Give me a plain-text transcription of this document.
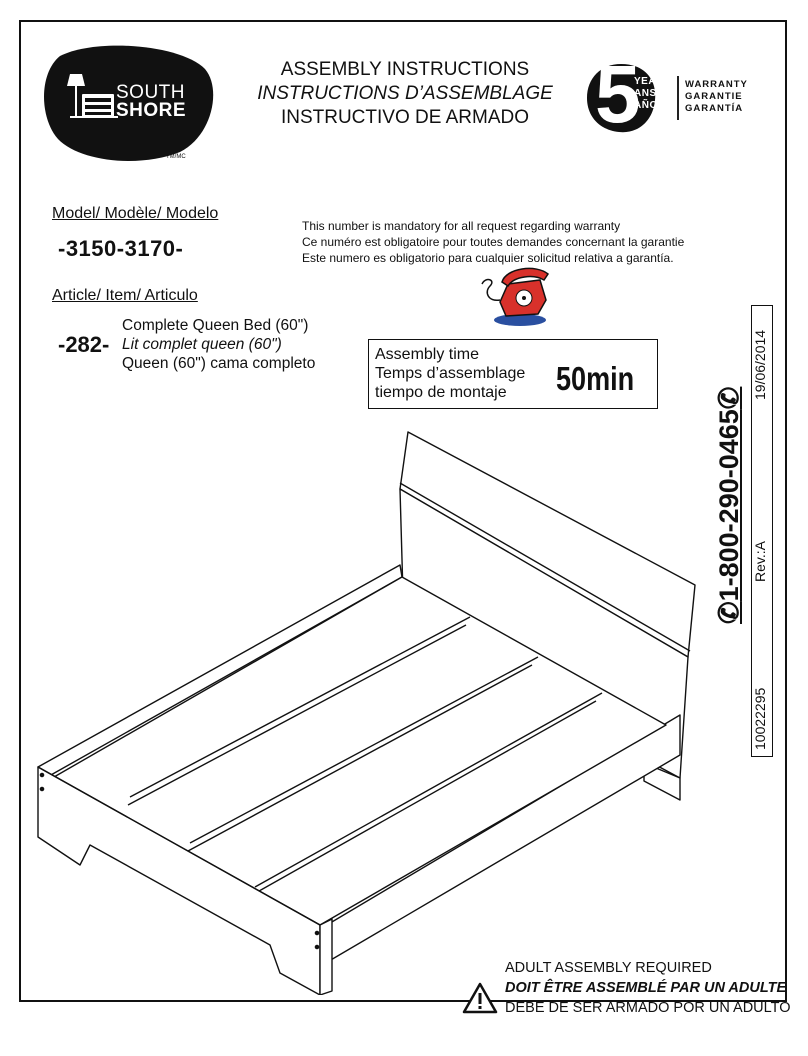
SOUTH
SHORE
TM/MC
ASSEMBLY INSTRUCTIONS
INSTRUCTIONS D’ASSEMBLAGE
INSTRUCTIVO DE ARMADO 5
YEARS
ANS
AÑOS
WARRANTY
GARANTIE
GARANTÍA
Model/ Modèle/ Modelo
-3150-3170-
This number is mandatory for all request regarding warranty
Ce numéro est obligatoire pour toutes demandes concernant la garantie
Este numero es obligatorio para cualquier solicitud relativa a garantía.
Article/ Item/ Articulo
-282-
Complete Queen Bed (60")
Lit complet queen (60")
Queen (60") cama completo
Assembly time
Temps d’assemblage
tiempo de montaje	50min	19/06/2014
Rev.:A
10022295
✆1-800-290-0465✆
ADULT ASSEMBLY REQUIRED
DOIT ÊTRE ASSEMBLÉ PAR UN ADULTE
DEBE DE SER ARMADO POR UN ADULTO
